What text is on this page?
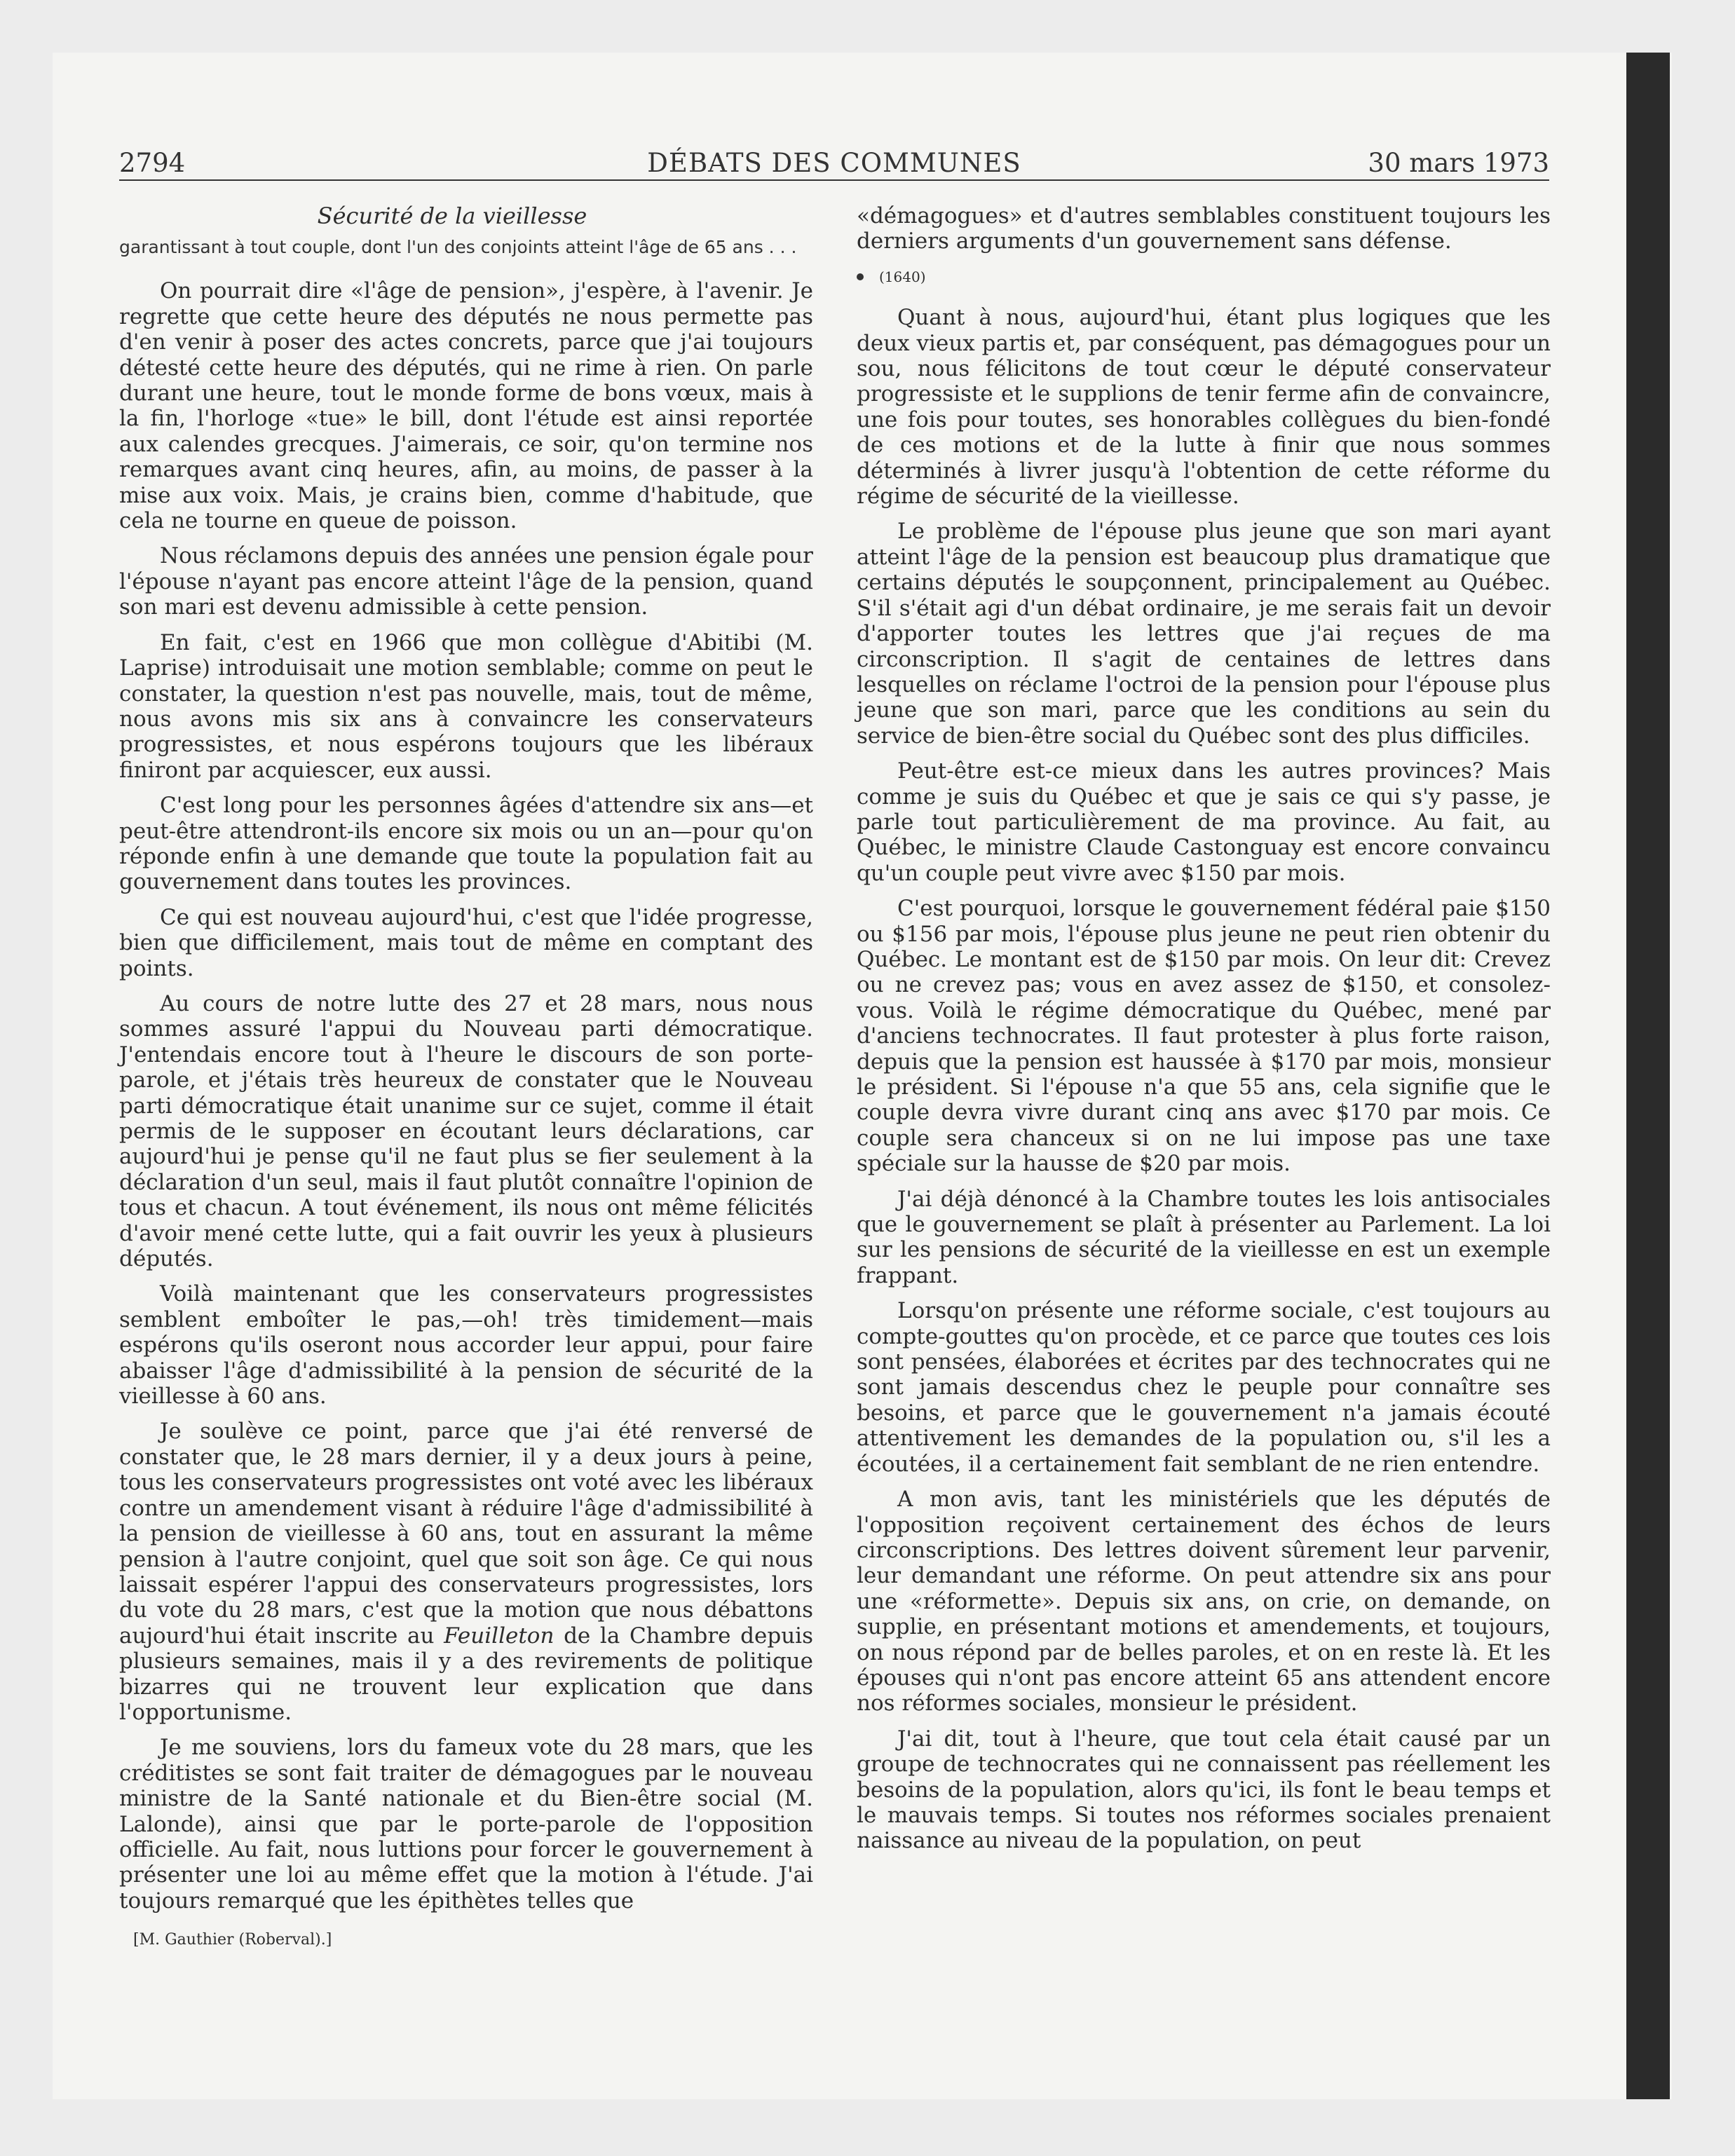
2794	DÉBATS DES COMMUNES	30 mars 1973
Sécurité de la vieillesse

garantissant à tout couple, dont l'un des conjoints atteint l'âge de 65 ans . . .

On pourrait dire «l'âge de pension», j'espère, à l'avenir. Je regrette que cette heure des députés ne nous permette pas d'en venir à poser des actes concrets, parce que j'ai toujours détesté cette heure des députés, qui ne rime à rien. On parle durant une heure, tout le monde forme de bons vœux, mais à la fin, l'horloge «tue» le bill, dont l'étude est ainsi reportée aux calendes grecques. J'aimerais, ce soir, qu'on termine nos remarques avant cinq heures, afin, au moins, de passer à la mise aux voix. Mais, je crains bien, comme d'habitude, que cela ne tourne en queue de poisson.

Nous réclamons depuis des années une pension égale pour l'épouse n'ayant pas encore atteint l'âge de la pension, quand son mari est devenu admissible à cette pension.

En fait, c'est en 1966 que mon collègue d'Abitibi (M. Laprise) introduisait une motion semblable; comme on peut le constater, la question n'est pas nouvelle, mais, tout de même, nous avons mis six ans à convaincre les conservateurs progressistes, et nous espérons toujours que les libéraux finiront par acquiescer, eux aussi.

C'est long pour les personnes âgées d'attendre six ans—et peut-être attendront-ils encore six mois ou un an—pour qu'on réponde enfin à une demande que toute la population fait au gouvernement dans toutes les provinces.

Ce qui est nouveau aujourd'hui, c'est que l'idée progresse, bien que difficilement, mais tout de même en comptant des points.

Au cours de notre lutte des 27 et 28 mars, nous nous sommes assuré l'appui du Nouveau parti démocratique. J'entendais encore tout à l'heure le discours de son porte-parole, et j'étais très heureux de constater que le Nouveau parti démocratique était unanime sur ce sujet, comme il était permis de le supposer en écoutant leurs déclarations, car aujourd'hui je pense qu'il ne faut plus se fier seulement à la déclaration d'un seul, mais il faut plutôt connaître l'opinion de tous et chacun. A tout événement, ils nous ont même félicités d'avoir mené cette lutte, qui a fait ouvrir les yeux à plusieurs députés.

Voilà maintenant que les conservateurs progressistes semblent emboîter le pas,—oh! très timidement—mais espérons qu'ils oseront nous accorder leur appui, pour faire abaisser l'âge d'admissibilité à la pension de sécurité de la vieillesse à 60 ans.

Je soulève ce point, parce que j'ai été renversé de constater que, le 28 mars dernier, il y a deux jours à peine, tous les conservateurs progressistes ont voté avec les libéraux contre un amendement visant à réduire l'âge d'admissibilité à la pension de vieillesse à 60 ans, tout en assurant la même pension à l'autre conjoint, quel que soit son âge. Ce qui nous laissait espérer l'appui des conservateurs progressistes, lors du vote du 28 mars, c'est que la motion que nous débattons aujourd'hui était inscrite au Feuilleton de la Chambre depuis plusieurs semaines, mais il y a des revirements de politique bizarres qui ne trouvent leur explication que dans l'opportunisme.

Je me souviens, lors du fameux vote du 28 mars, que les créditistes se sont fait traiter de démagogues par le nouveau ministre de la Santé nationale et du Bien-être social (M. Lalonde), ainsi que par le porte-parole de l'opposition officielle. Au fait, nous luttions pour forcer le gouvernement à présenter une loi au même effet que la motion à l'étude. J'ai toujours remarqué que les épithètes telles que

[M. Gauthier (Roberval).]

«démagogues» et d'autres semblables constituent toujours les derniers arguments d'un gouvernement sans défense.

(1640)

Quant à nous, aujourd'hui, étant plus logiques que les deux vieux partis et, par conséquent, pas démagogues pour un sou, nous félicitons de tout cœur le député conservateur progressiste et le supplions de tenir ferme afin de convaincre, une fois pour toutes, ses honorables collègues du bien-fondé de ces motions et de la lutte à finir que nous sommes déterminés à livrer jusqu'à l'obtention de cette réforme du régime de sécurité de la vieillesse.

Le problème de l'épouse plus jeune que son mari ayant atteint l'âge de la pension est beaucoup plus dramatique que certains députés le soupçonnent, principalement au Québec. S'il s'était agi d'un débat ordinaire, je me serais fait un devoir d'apporter toutes les lettres que j'ai reçues de ma circonscription. Il s'agit de centaines de lettres dans lesquelles on réclame l'octroi de la pension pour l'épouse plus jeune que son mari, parce que les conditions au sein du service de bien-être social du Québec sont des plus difficiles.

Peut-être est-ce mieux dans les autres provinces? Mais comme je suis du Québec et que je sais ce qui s'y passe, je parle tout particulièrement de ma province. Au fait, au Québec, le ministre Claude Castonguay est encore convaincu qu'un couple peut vivre avec $150 par mois.

C'est pourquoi, lorsque le gouvernement fédéral paie $150 ou $156 par mois, l'épouse plus jeune ne peut rien obtenir du Québec. Le montant est de $150 par mois. On leur dit: Crevez ou ne crevez pas; vous en avez assez de $150, et consolez-vous. Voilà le régime démocratique du Québec, mené par d'anciens technocrates. Il faut protester à plus forte raison, depuis que la pension est haussée à $170 par mois, monsieur le président. Si l'épouse n'a que 55 ans, cela signifie que le couple devra vivre durant cinq ans avec $170 par mois. Ce couple sera chanceux si on ne lui impose pas une taxe spéciale sur la hausse de $20 par mois.

J'ai déjà dénoncé à la Chambre toutes les lois antisociales que le gouvernement se plaît à présenter au Parlement. La loi sur les pensions de sécurité de la vieillesse en est un exemple frappant.

Lorsqu'on présente une réforme sociale, c'est toujours au compte-gouttes qu'on procède, et ce parce que toutes ces lois sont pensées, élaborées et écrites par des technocrates qui ne sont jamais descendus chez le peuple pour connaître ses besoins, et parce que le gouvernement n'a jamais écouté attentivement les demandes de la population ou, s'il les a écoutées, il a certainement fait semblant de ne rien entendre.

A mon avis, tant les ministériels que les députés de l'opposition reçoivent certainement des échos de leurs circonscriptions. Des lettres doivent sûrement leur parvenir, leur demandant une réforme. On peut attendre six ans pour une «réformette». Depuis six ans, on crie, on demande, on supplie, en présentant motions et amendements, et toujours, on nous répond par de belles paroles, et on en reste là. Et les épouses qui n'ont pas encore atteint 65 ans attendent encore nos réformes sociales, monsieur le président.

J'ai dit, tout à l'heure, que tout cela était causé par un groupe de technocrates qui ne connaissent pas réellement les besoins de la population, alors qu'ici, ils font le beau temps et le mauvais temps. Si toutes nos réformes sociales prenaient naissance au niveau de la population, on peut
